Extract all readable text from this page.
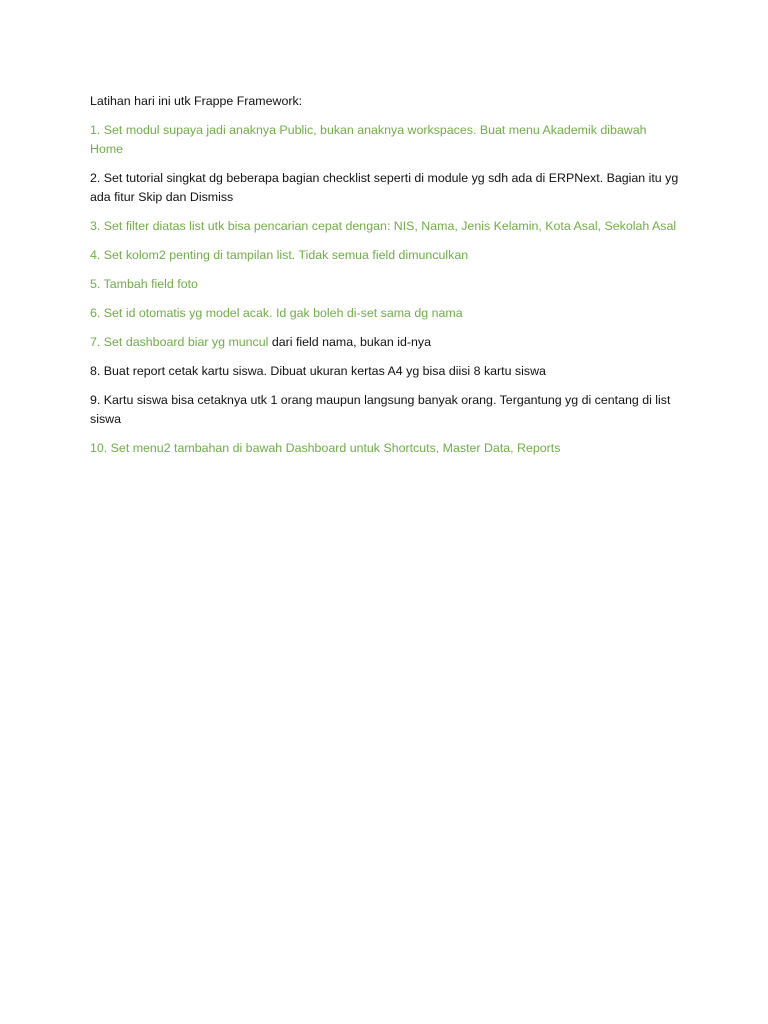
Latihan hari ini utk Frappe Framework:

1. Set modul supaya jadi anaknya Public, bukan anaknya workspaces. Buat menu Akademik dibawah Home

2. Set tutorial singkat dg beberapa bagian checklist seperti di module yg sdh ada di ERPNext. Bagian itu yg ada fitur Skip dan Dismiss

3. Set filter diatas list utk bisa pencarian cepat dengan: NIS, Nama, Jenis Kelamin, Kota Asal, Sekolah Asal

4. Set kolom2 penting di tampilan list. Tidak semua field dimunculkan

5. Tambah field foto

6. Set id otomatis yg model acak. Id gak boleh di-set sama dg nama

7. Set dashboard biar yg muncul dari field nama, bukan id-nya

8. Buat report cetak kartu siswa. Dibuat ukuran kertas A4 yg bisa diisi 8 kartu siswa

9. Kartu siswa bisa cetaknya utk 1 orang maupun langsung banyak orang. Tergantung yg di centang di list siswa

10. Set menu2 tambahan di bawah Dashboard untuk Shortcuts, Master Data, Reports
